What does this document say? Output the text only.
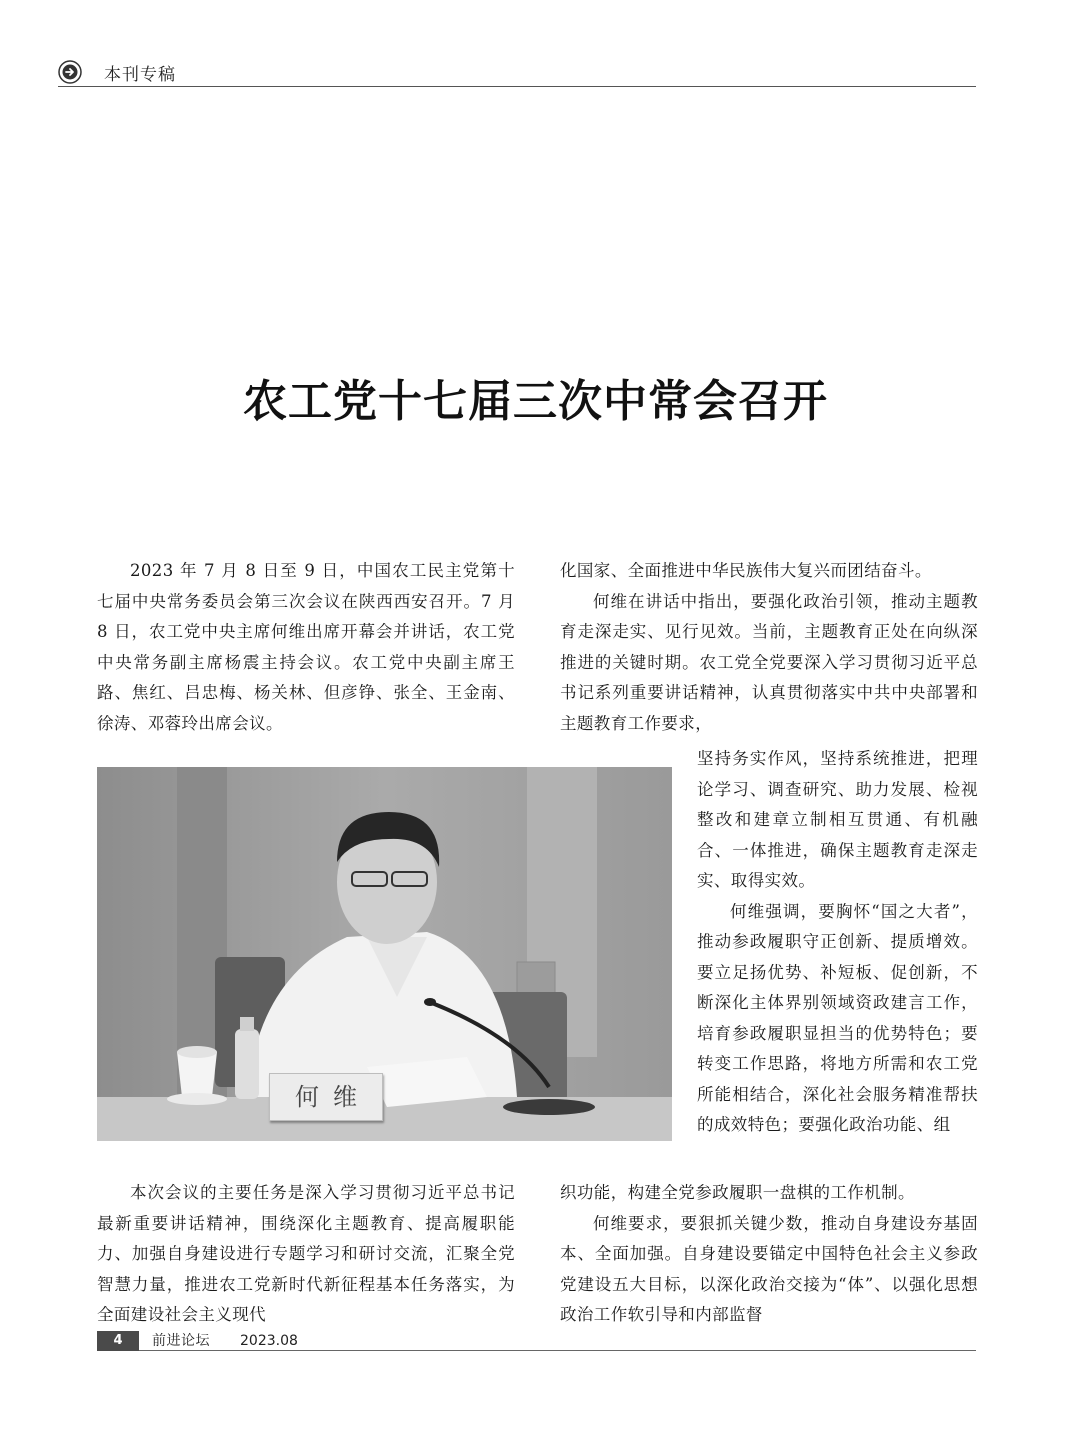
本刊专稿
农工党十七届三次中常会召开

2023 年 7 月 8 日至 9 日，中国农工民主党第十七届中央常务委员会第三次会议在陕西西安召开。7 月 8 日，农工党中央主席何维出席开幕会并讲话，农工党中央常务副主席杨震主持会议。农工党中央副主席王路、焦红、吕忠梅、杨关林、但彦铮、张全、王金南、徐涛、邓蓉玲出席会议。

化国家、全面推进中华民族伟大复兴而团结奋斗。
何维在讲话中指出，要强化政治引领，推动主题教育走深走实、见行见效。当前，主题教育正处在向纵深推进的关键时期。农工党全党要深入学习贯彻习近平总书记系列重要讲话精神，认真贯彻落实中共中央部署和主题教育工作要求，
坚持务实作风，坚持系统推进，把理论学习、调查研究、助力发展、检视整改和建章立制相互贯通、有机融合、一体推进，确保主题教育走深走实、取得实效。
何维强调，要胸怀“国之大者”，推动参政履职守正创新、提质增效。要立足扬优势、补短板、促创新，不断深化主体界别领域资政建言工作，培育参政履职显担当的优势特色；要转变工作思路，将地方所需和农工党所能相结合，深化社会服务精准帮扶的成效特色；要强化政治功能、组
织功能，构建全党参政履职一盘棋的工作机制。
何维要求，要狠抓关键少数，推动自身建设夯基固本、全面加强。自身建设要锚定中国特色社会主义参政党建设五大目标，以深化政治交接为“体”、以强化思想政治工作软引导和内部监督

本次会议的主要任务是深入学习贯彻习近平总书记最新重要讲话精神，围绕深化主题教育、提高履职能力、加强自身建设进行专题学习和研讨交流，汇聚全党智慧力量，推进农工党新时代新征程基本任务落实，为全面建设社会主义现代

何维
4	前进论坛 2023.08
